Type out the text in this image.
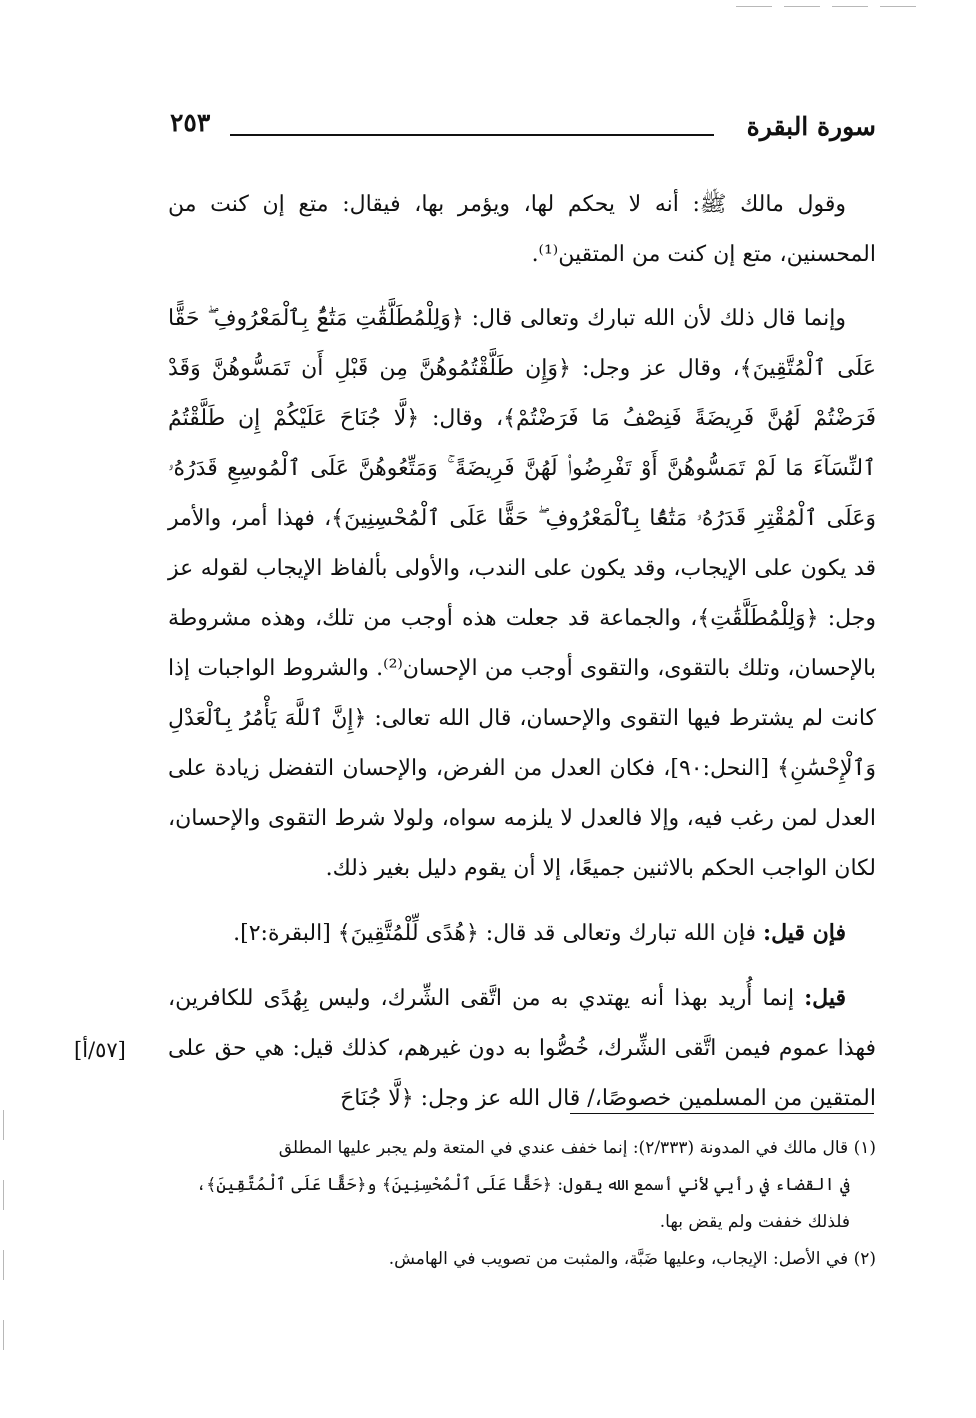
سورة البقرة
٢٥٣

وقول مالك ﷺ: أنه لا يحكم لها، ويؤمر بها، فيقال: متع إن كنت من المحسنين، متع إن كنت من المتقين⁽¹⁾.

وإنما قال ذلك لأن الله تبارك وتعالى قال: ﴿وَلِلْمُطَلَّقَٰتِ مَتَٰعٌۢ بِٱلْمَعْرُوفِ ۖ حَقًّا عَلَى ٱلْمُتَّقِينَ﴾، وقال عز وجل: ﴿وَإِن طَلَّقْتُمُوهُنَّ مِن قَبْلِ أَن تَمَسُّوهُنَّ وَقَدْ فَرَضْتُمْ لَهُنَّ فَرِيضَةً فَنِصْفُ مَا فَرَضْتُمْ﴾، وقال: ﴿لَّا جُنَاحَ عَلَيْكُمْ إِن طَلَّقْتُمُ ٱلنِّسَآءَ مَا لَمْ تَمَسُّوهُنَّ أَوْ تَفْرِضُوا۟ لَهُنَّ فَرِيضَةً ۚ وَمَتِّعُوهُنَّ عَلَى ٱلْمُوسِعِ قَدَرُهُۥ وَعَلَى ٱلْمُقْتِرِ قَدَرُهُۥ مَتَٰعًۢا بِٱلْمَعْرُوفِ ۖ حَقًّا عَلَى ٱلْمُحْسِنِينَ﴾، فهذا أمر، والأمر قد يكون على الإيجاب، وقد يكون على الندب، والأولى بألفاظ الإيجاب لقوله عز وجل: ﴿وَلِلْمُطَلَّقَٰتِ﴾، والجماعة قد جعلت هذه أوجب من تلك، وهذه مشروطة بالإحسان، وتلك بالتقوى، والتقوى أوجب من الإحسان⁽²⁾. والشروط الواجبات إذا كانت لم يشترط فيها التقوى والإحسان، قال الله تعالى: ﴿إِنَّ ٱللَّهَ يَأْمُرُ بِٱلْعَدْلِ وَٱلْإِحْسَٰنِ﴾ [النحل:٩٠]، فكان العدل من الفرض، والإحسان التفضل زيادة على العدل لمن رغب فيه، وإلا فالعدل لا يلزمه سواه، ولولا شرط التقوى والإحسان، لكان الواجب الحكم بالاثنين جميعًا، إلا أن يقوم دليل بغير ذلك.

فإن قيل: فإن الله تبارك وتعالى قد قال: ﴿هُدًى لِّلْمُتَّقِينَ﴾ [البقرة:٢].

قيل: إنما أُريد بهذا أنه يهتدي به من اتَّقى الشِّرك، وليس بِهُدًى للكافرين، فهذا عموم فيمن اتَّقى الشِّرك، خُصُّوا به دون غيرهم، كذلك قيل: هي حق على المتقين من المسلمين خصوصًا،/ قال الله عز وجل: ﴿لَّا جُنَاحَ

[٥٧/أ]

(١) قال مالك في المدونة (٢/٣٣٣): إنما خفف عندي في المتعة ولم يجبر عليها المطلق

في القضاء في رأيي لأني أسمع الله يقول: ﴿حَقًّا عَلَى ٱلْمُحْسِنِينَ﴾ و﴿حَقًّا عَلَى ٱلْمُتَّقِينَ﴾،

فلذلك خففت ولم يقض بها.

(٢) في الأصل: الإيجاب، وعليها ضَبَّة، والمثبت من تصويب في الهامش.
